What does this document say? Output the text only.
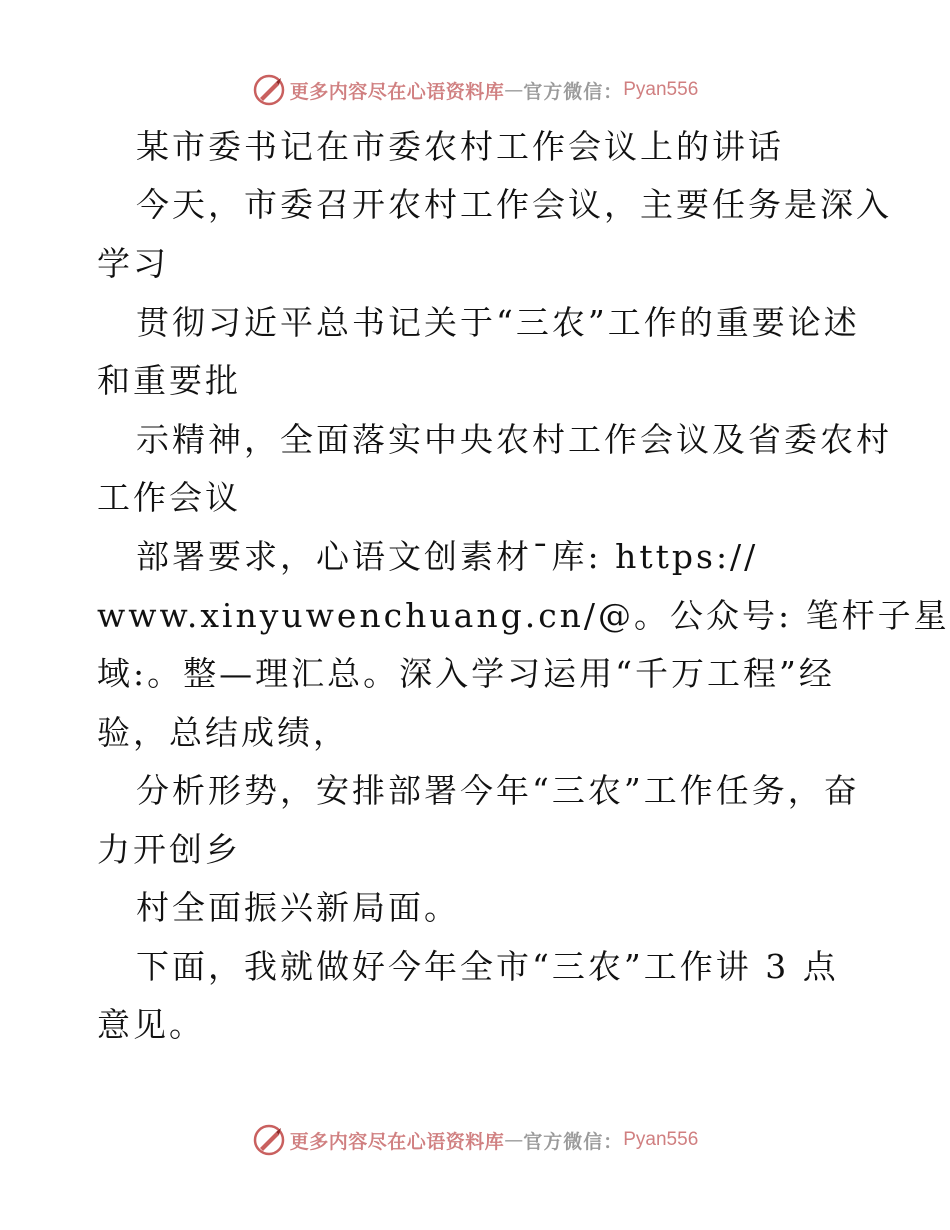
更多内容尽在心语资料库 — 官方微信： Pyan556
某市委书记在市委农村工作会议上的讲话
今天，市委召开农村工作会议，主要任务是深入
学习
贯彻习近平总书记关于“三农”工作的重要论述
和重要批
示精神，全面落实中央农村工作会议及省委农村
工作会议
部署要求，心语文创素材¯库: https://
www.xinyuwenchuang.cn/@。公众号: 笔杆子星
域:。整—理汇总。深入学习运用“千万工程”经
验，总结成绩，
分析形势，安排部署今年“三农”工作任务，奋
力开创乡
村全面振兴新局面。
下面，我就做好今年全市“三农”工作讲 3 点
意见。
更多内容尽在心语资料库 — 官方微信： Pyan556
